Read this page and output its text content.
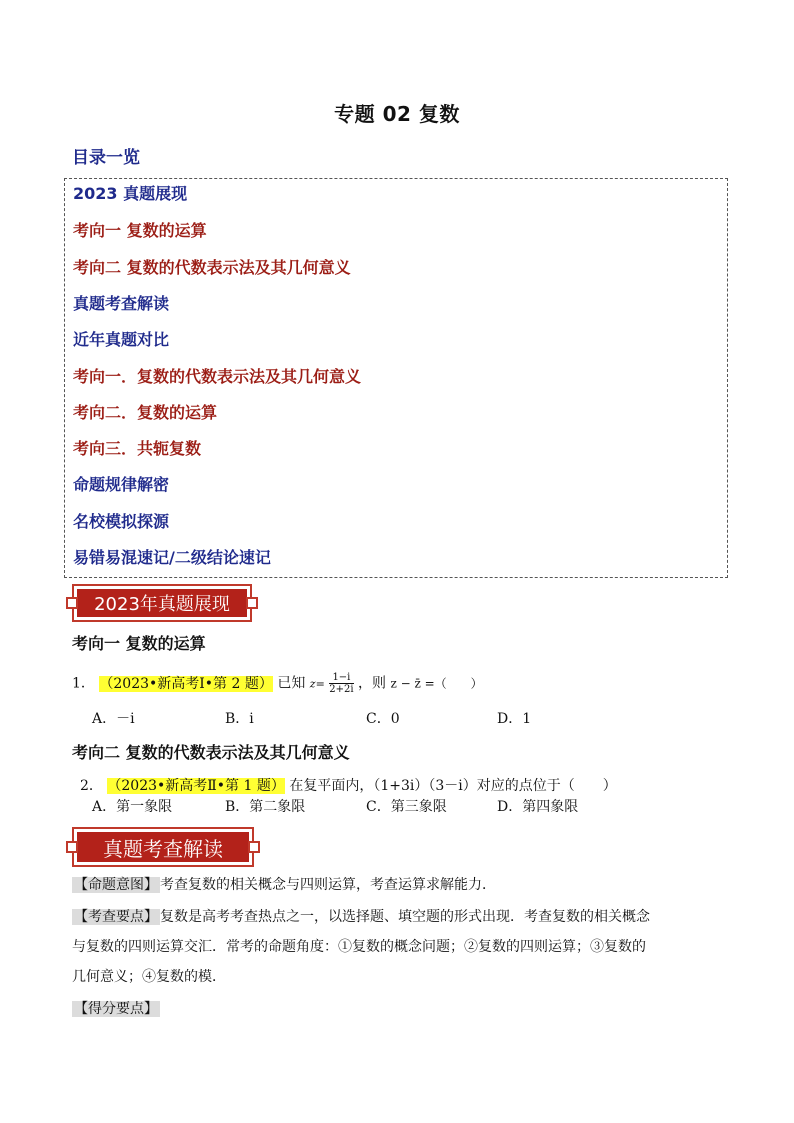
专题 02 复数
目录一览
2023 真题展现
考向一 复数的运算
考向二 复数的代数表示法及其几何意义
真题考查解读
近年真题对比
考向一．复数的代数表示法及其几何意义
考向二．复数的运算
考向三．共轭复数
命题规律解密
名校模拟探源
易错易混速记/二级结论速记
2023年真题展现
考向一 复数的运算
1． （2023•新高考Ⅰ•第 2 题） 已知 $z= \frac{1-i}{2+2i}$ ，则 z − z̄ =（　　）
A．－i	B．i	C．0	D．1
考向二 复数的代数表示法及其几何意义
2． （2023•新高考Ⅱ•第 1 题） 在复平面内，（1+3i）（3－i）对应的点位于（　　）
A．第一象限	B．第二象限	C．第三象限	D．第四象限
真题考查解读
【命题意图】 考查复数的相关概念与四则运算，考查运算求解能力．
【考查要点】 复数是高考考查热点之一，以选择题、填空题的形式出现．考查复数的相关概念
与复数的四则运算交汇．常考的命题角度：①复数的概念问题；②复数的四则运算；③复数的
几何意义；④复数的模．
【得分要点】
